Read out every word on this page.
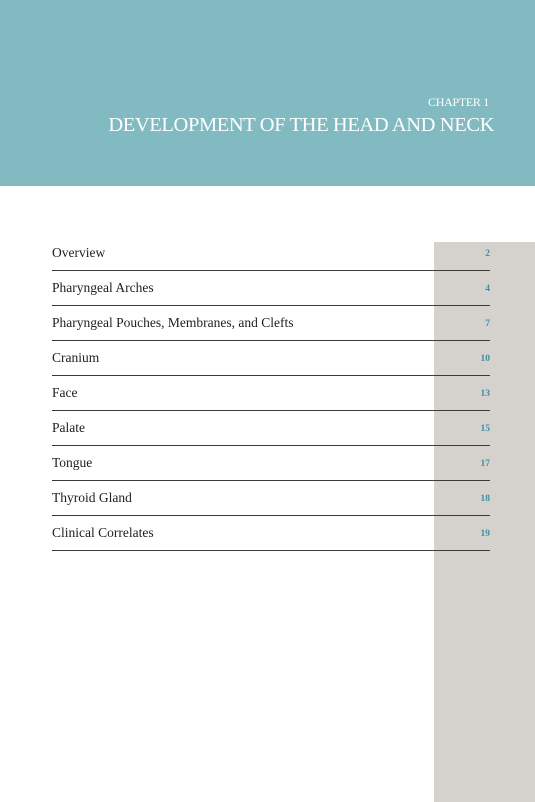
CHAPTER 1
DEVELOPMENT OF THE HEAD AND NECK
Overview	2
Pharyngeal Arches	4
Pharyngeal Pouches, Membranes, and Clefts	7
Cranium	10
Face	13
Palate	15
Tongue	17
Thyroid Gland	18
Clinical Correlates	19
